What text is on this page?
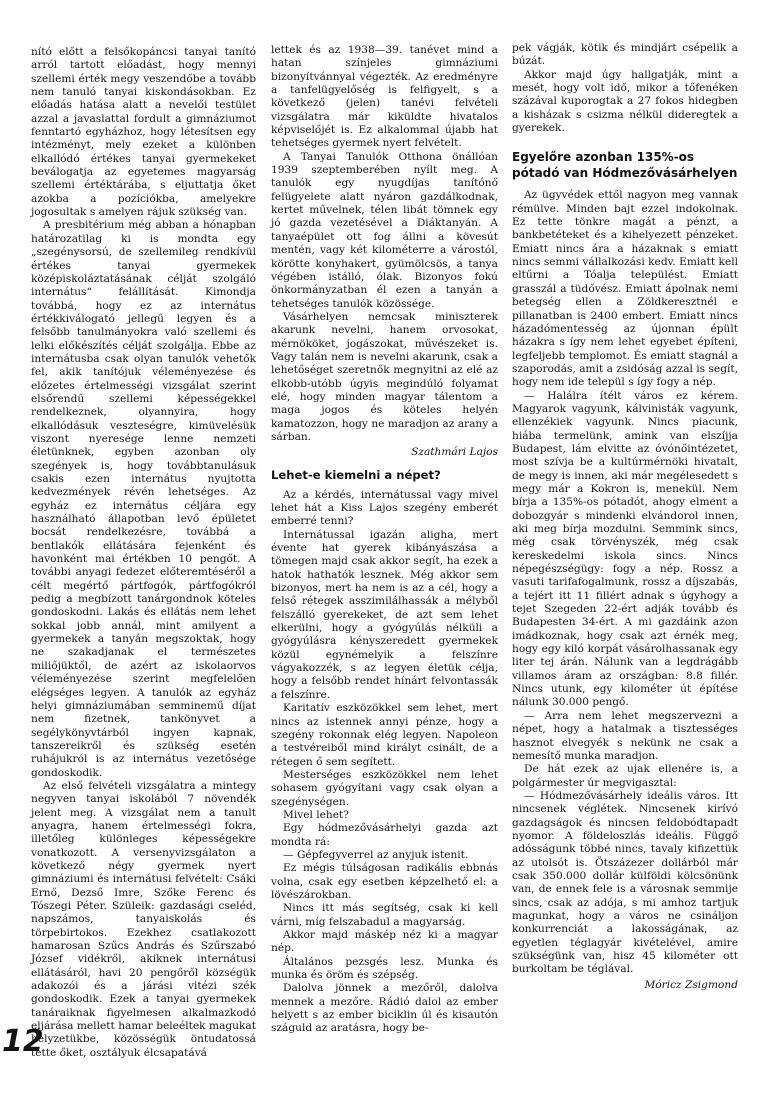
nító előtt a felsőkopáncsi tanyai tanító arról tartott előadást, hogy mennyi szellemi érték megy veszendőbe a tovább nem tanuló tanyai kiskondásokban. Ez előadás hatása alatt a nevelői testület azzal a javaslattal fordult a gimnáziumot fenntartó egyházhoz, hogy létesítsen egy intézményt, mely ezeket a különben elkallódó értékes tanyai gyermekeket beválogatja az egyetemes magyarság szellemi értéktárába, s eljuttatja őket azokba a pozíciókba, amelyekre jogosultak s amelyen rájuk szükség van.

A presbitérium még abban a hónapban határozatilag ki is mondta egy „szegénysorsú, de szellemileg rendkívül értékes tanyai gyermekek középiskoláztatásának célját szolgáló internátus“ felállítását. Kimondja továbbá, hogy ez az internátus értékkiválogató jellegű legyen és a felsőbb tanulmányokra való szellemi és lelki előkészítés célját szolgálja. Ebbe az internátusba csak olyan tanulók vehetők fel, akik tanítójuk véleményezése és előzetes értelmességi vizsgálat szerint elsőrendű szellemi képességekkel rendelkeznek, olyannyira, hogy elkallódásuk veszteségre, kimüvelésük viszont nyeresége lenne nemzeti életünknek, egyben azonban oly szegények is, hogy továbbtanulásuk csakis ezen internátus nyujtotta kedvezmények révén lehetséges. Az egyház ez internátus céljára egy használható állapotban levő épületet bocsát rendelkezésre, továbbá a bentlakók ellátására fejenként és havonként mai értékben 10 pengőt. A további anyagi fedezet előteremtéséről a célt megértő pártfogók, pártfogókról pedig a megbízott tanárgondnok köteles gondoskodni. Lakás és ellátás nem lehet sokkal jobb annál, mint amilyent a gyermekek a tanyán megszoktak, hogy ne szakadjanak el természetes miliőjüktől, de azért az iskolaorvos véleményezése szerint megfelelően elégséges legyen. A tanulók az egyház helyi gimnáziumában semminemű díjat nem fizetnek, tankönyvet a segélykönyvtárból ingyen kapnak, tanszereikről és szükség esetén ruhájukról is az internátus vezetősége gondoskodik.

Az első felvételi vizsgálatra a mintegy negyven tanyai iskolából 7 növendék jelent meg. A vizsgálat nem a tanult anyagra, hanem értelmességi fokra, illetőleg különleges képességekre vonatkozott. A versenyvizsgálaton a következő négy gyermek nyert gimnáziumi és internátusi felvételt: Csáki Ernő, Dezső Imre, Szőke Ferenc és Tószegi Péter. Szüleik: gazdasági cseléd, napszámos, tanyaiskolás és törpebirtokos. Ezekhez csatlakozott hamarosan Szűcs András és Szűrszabó József vidékről, akiknek internátusi ellátásáról, havi 20 pengőről községük adakozói és a járási vitézi szék gondoskodik. Ezek a tanyai gyermekek tanáraiknak figyelmesen alkalmazkodó eljárása mellett hamar beleéltek magukat helyzetükbe, közösségük öntudatossá tette őket, osztályuk élcsapatává

lettek és az 1938—39. tanévet mind a hatan színjeles gimnáziumi bizonyítvánnyal végezték. Az eredményre a tanfelügyelőség is felfigyelt, s a következő (jelen) tanévi felvételi vizsgálatra már kiküldte hivatalos képviselőjét is. Ez alkalommal újabb hat tehetséges gyermek nyert felvételt.

A Tanyai Tanulók Otthona önállóan 1939 szeptemberében nyílt meg. A tanulók egy nyugdíjas tanítónő felügyelete alatt nyáron gazdálkodnak, kertet művelnek, télen libát tömnek egy jó gazda vezetésével a Diáktanyán. A tanyaépület ott fog állni a kövesút mentén, vagy két kilométerre a várostól, körötte konyhakert, gyümölcsös, a tanya végében istálló, ólak. Bizonyos fokú önkormányzatban él ezen a tanyán a tehetséges tanulók közössége.

Vásárhelyen nemcsak miniszterek akarunk nevelni, hanem orvosokat, mérnököket, jogászokat, művészeket is. Vagy talán nem is nevelni akarunk, csak a lehetőséget szeretnők megnyitni az elé az elkobb-utóbb úgyis megindúló folyamat elé, hogy minden magyar tálentom a maga jogos és köteles helyén kamatozzon, hogy ne maradjon az arany a sárban.

Szathmári Lajos
Lehet-e kiemelni a népet?

Az a kérdés, internátussal vagy mivel lehet hát a Kiss Lajos szegény emberét emberré tenni?

Internátussal igazán aligha, mert évente hat gyerek kibányászása a tömegen majd csak akkor segít, ha ezek a hatok hathatók lesznek. Még akkor sem bizonyos, mert ha nem is az a cél, hogy a felső rétegek asszimilálhassák a mélyből felszálló gyerekeket, de azt sem lehet elkerülni, hogy a gyógyúlás nélküli a gyógyúlásra kényszeredett gyermekek közül egynémelyik a felszínre vágyakozzék, s az legyen életük célja, hogy a felsőbb rendet hínárt felvontassák a felszínre.

Karitatív eszközökkel sem lehet, mert nincs az istennek annyi pénze, hogy a szegény rokonnak elég legyen. Napoleon a testvéreiből mind királyt csinált, de a rétegen ő sem segített.

Mesterséges eszközökkel nem lehet sohasem gyógyítani vagy csak olyan a szegénységen.

Mivel lehet?

Egy hódmezővásárhelyi gazda azt mondta rá:

— Gépfegyverrel az anyjuk istenit.

Ez mégis túlságosan radikális ebbnás volna, csak egy esetben képzelhető el: a lövészárokban.

Nincs itt más segítség, csak ki kell várni, míg felszabadul a magyarság.

Akkor majd máskép néz ki a magyar nép.

Általános pezsgés lesz. Munka és munka és öröm és szépség.

Dalolva jönnek a mezőről, dalolva mennek a mezőre. Rádió dalol az ember helyett s az ember biciklin úl és kisautón száguld az aratásra, hogy be-

pek vágják, kötik és mindjárt csépelik a búzát.

Akkor majd úgy hallgatják, mint a mesét, hogy volt idő, mikor a tőfenéken százával kuporogtak a 27 fokos hidegben a kisházak s csizma nélkül dideregtek a gyerekek.

Egyelőre azonban 135%-os pótadó van Hódmezővásárhelyen

Az ügyvédek ettől nagyon meg vannak rémülve. Minden bajt ezzel indokolnak. Ez tette tönkre magát a pénzt, a bankbetéteket és a kihelyezett pénzeket. Emiatt nincs ára a házaknak s emiatt nincs semmi vállalkozási kedv. Emiatt kell eltűrni a Tóalja települést. Emiatt grasszál a tüdővész. Emiatt ápolnak nemi betegség ellen a Zöldkeresztnél e pillanatban is 2400 embert. Emiatt nincs házadómentesség az újonnan épült házakra s így nem lehet egyebet építeni, legfeljebb templomot. És emiatt stagnál a szaporodás, amit a zsidóság azzal is segít, hogy nem ide települ s így fogy a nép.

— Halálra ítélt város ez kérem. Magyarok vagyunk, kálvinisták vagyunk, ellenzékiek vagyunk. Nincs piacunk, hiába termelünk, amink van elszíjja Budapest, lám elvitte az óvónőintézetet, most szívja be a kultúrmérnöki hivatalt, de megy is innen, aki már megélesedett s megy már a Kokron is, menekül. Nem bírja a 135%-os pótadót, ahogy elment a dobozgyár s mindenki elvándorol innen, aki meg bírja mozdulni. Semmink sincs, még csak törvényszék, még csak kereskedelmi iskola sincs. Nincs népegészségügy: fogy a nép. Rossz a vasuti tarifafogalmunk, rossz a díjszabás, a tejért itt 11 fillért adnak s úgyhogy a tejet Szegeden 22-ért adják tovább és Budapesten 34-ért. A mi gazdáink azon imádkoznak, hogy csak azt érnék meg, hogy egy kiló korpát vásárolhassanak egy liter tej árán. Nálunk van a legdrágább villamos áram az országban: 8.8 fillér. Nincs utunk, egy kilométer út építése nálunk 30.000 pengő.

— Arra nem lehet megszervezni a népet, hogy a hatalmak a tisztességes hasznot elvegyék s nekünk ne csak a nemesítő munka maradjon.

De hát ezek az ujak ellenére is, a polgármester úr megvigasztal:

— Hódmezővásárhely ideális város. Itt nincsenek véglétek. Nincsenek kirívó gazdagságok és nincsen feldobódtapadt nyomor. A földeloszlás ideális. Függő adósságunk többé nincs, tavaly kifizettük az utolsót is. Ötszázezer dollárból már csak 350.000 dollár külföldi kölcsönünk van, de ennek fele is a városnak semmije sincs, csak az adója, s mi amhoz tartjuk magunkat, hogy a város ne csináljon konkurrenciát a lakosságának, az egyetlen téglagyár kivételével, amire szükségünk van, hisz 45 kilométer ott burkoltam be téglával.

Móricz Zsigmond
12
